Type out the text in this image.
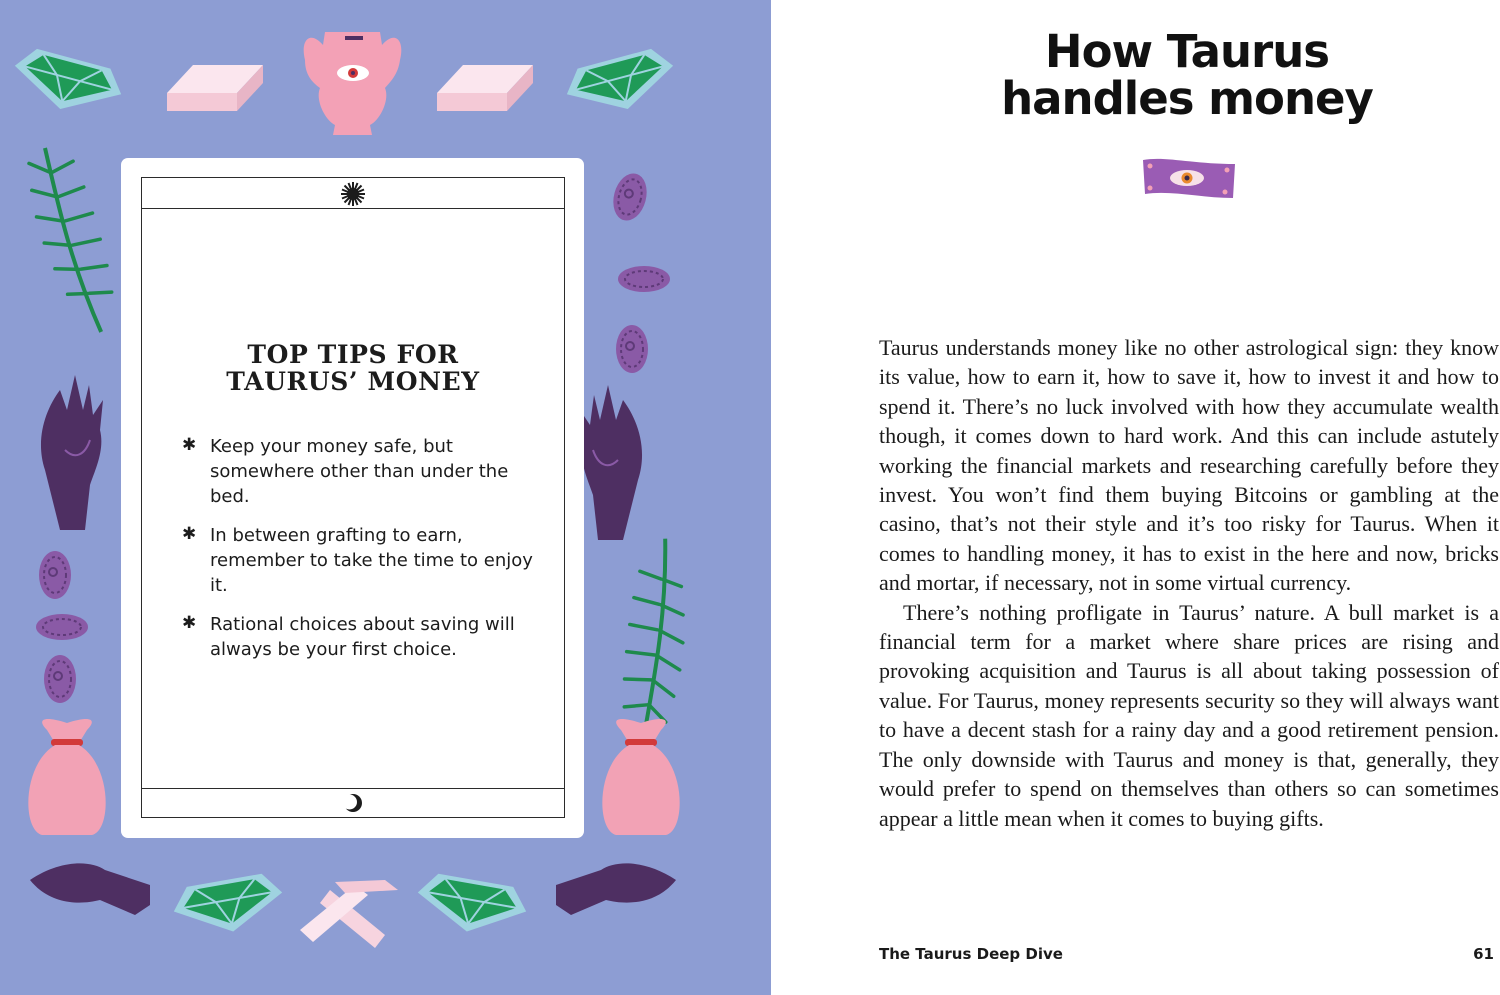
TOP TIPS FOR
TAURUS’ MONEY
✱ Keep your money safe, but somewhere other than under the bed.
✱ In between grafting to earn, remember to take the time to enjoy it.
✱ Rational choices about saving will always be your first choice.
How Taurus
handles money

Taurus understands money like no other astrological sign: they know its value, how to earn it, how to save it, how to invest it and how to spend it. There’s no luck involved with how they accumulate wealth though, it comes down to hard work. And this can include astutely working the financial markets and researching carefully before they invest. You won’t find them buying Bitcoins or gambling at the casino, that’s not their style and it’s too risky for Taurus. When it comes to handling money, it has to exist in the here and now, bricks and mortar, if necessary, not in some virtual currency.

There’s nothing profligate in Taurus’ nature. A bull market is a financial term for a market where share prices are rising and provoking acquisition and Taurus is all about taking possession of value. For Taurus, money represents security so they will always want to have a decent stash for a rainy day and a good retirement pension. The only downside with Taurus and money is that, generally, they would prefer to spend on themselves than others so can sometimes appear a little mean when it comes to buying gifts.

The Taurus Deep Dive	61
